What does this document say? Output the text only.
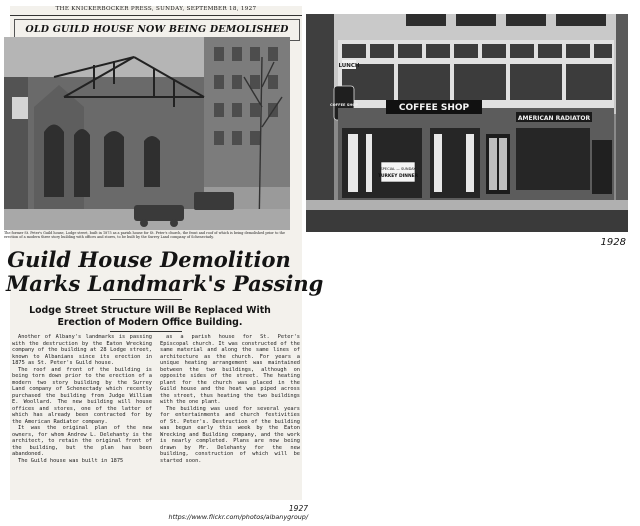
THE KNICKERBOCKER PRESS, SUNDAY, SEPTEMBER 18, 1927
OLD GUILD HOUSE NOW BEING DEMOLISHED
The former St. Peter's Guild house, Lodge street, built in 1875 as a parish house for St. Peter's church, the front and roof of which is being demolished prior to the erection of a modern three story building with offices and stores, to be built by the Surrey Land company of Schenectady.
Guild House Demolition
Marks Landmark's Passing
Lodge Street Structure Will Be Replaced With Erection of Modern Office Building.

Another of Albany's landmarks is passing with the destruction by the Eaton Wrecking company of the building at 28 Lodge street, known to Albanians since its erection in 1875 as St. Peter's Guild house.

The roof and front of the building is being torn down prior to the erection of a modern two story building by the Surrey Land company of Schenectady which recently purchased the building from Judge William E. Woollard. The new building will house offices and stores, one of the latter of which has already been contracted for by the American Radiator company.

It was the original plan of the new owners, for whom Andrew L. Delehanty is the architect, to retain the original front of the building, but the plan has been abandoned.

The Guild house was built in 1875

as a parish house for St. Peter's Episcopal church. It was constructed of the same material and along the same lines of architecture as the church. For years a unique heating arrangement was maintained between the two buildings, although on opposite sides of the street. The heating plant for the church was placed in the Guild house and the heat was piped across the street, thus heating the two buildings with the one plant.

The building was used for several years for entertainments and church festivities of St. Peter's. Destruction of the building was begun early this week by the Eaton Wrecking and Building company, and the work is nearly completed. Plans are now being drawn by Mr. Delehanty for the new building, construction of which will be started soon.

LUNCH
COFFEE SHOP	COFFEE SHOP
AMERICAN RADIATOR
SPECIAL — SUNDAY
TURKEY DINNER
1928
1927
https://www.flickr.com/photos/albanygroup/
